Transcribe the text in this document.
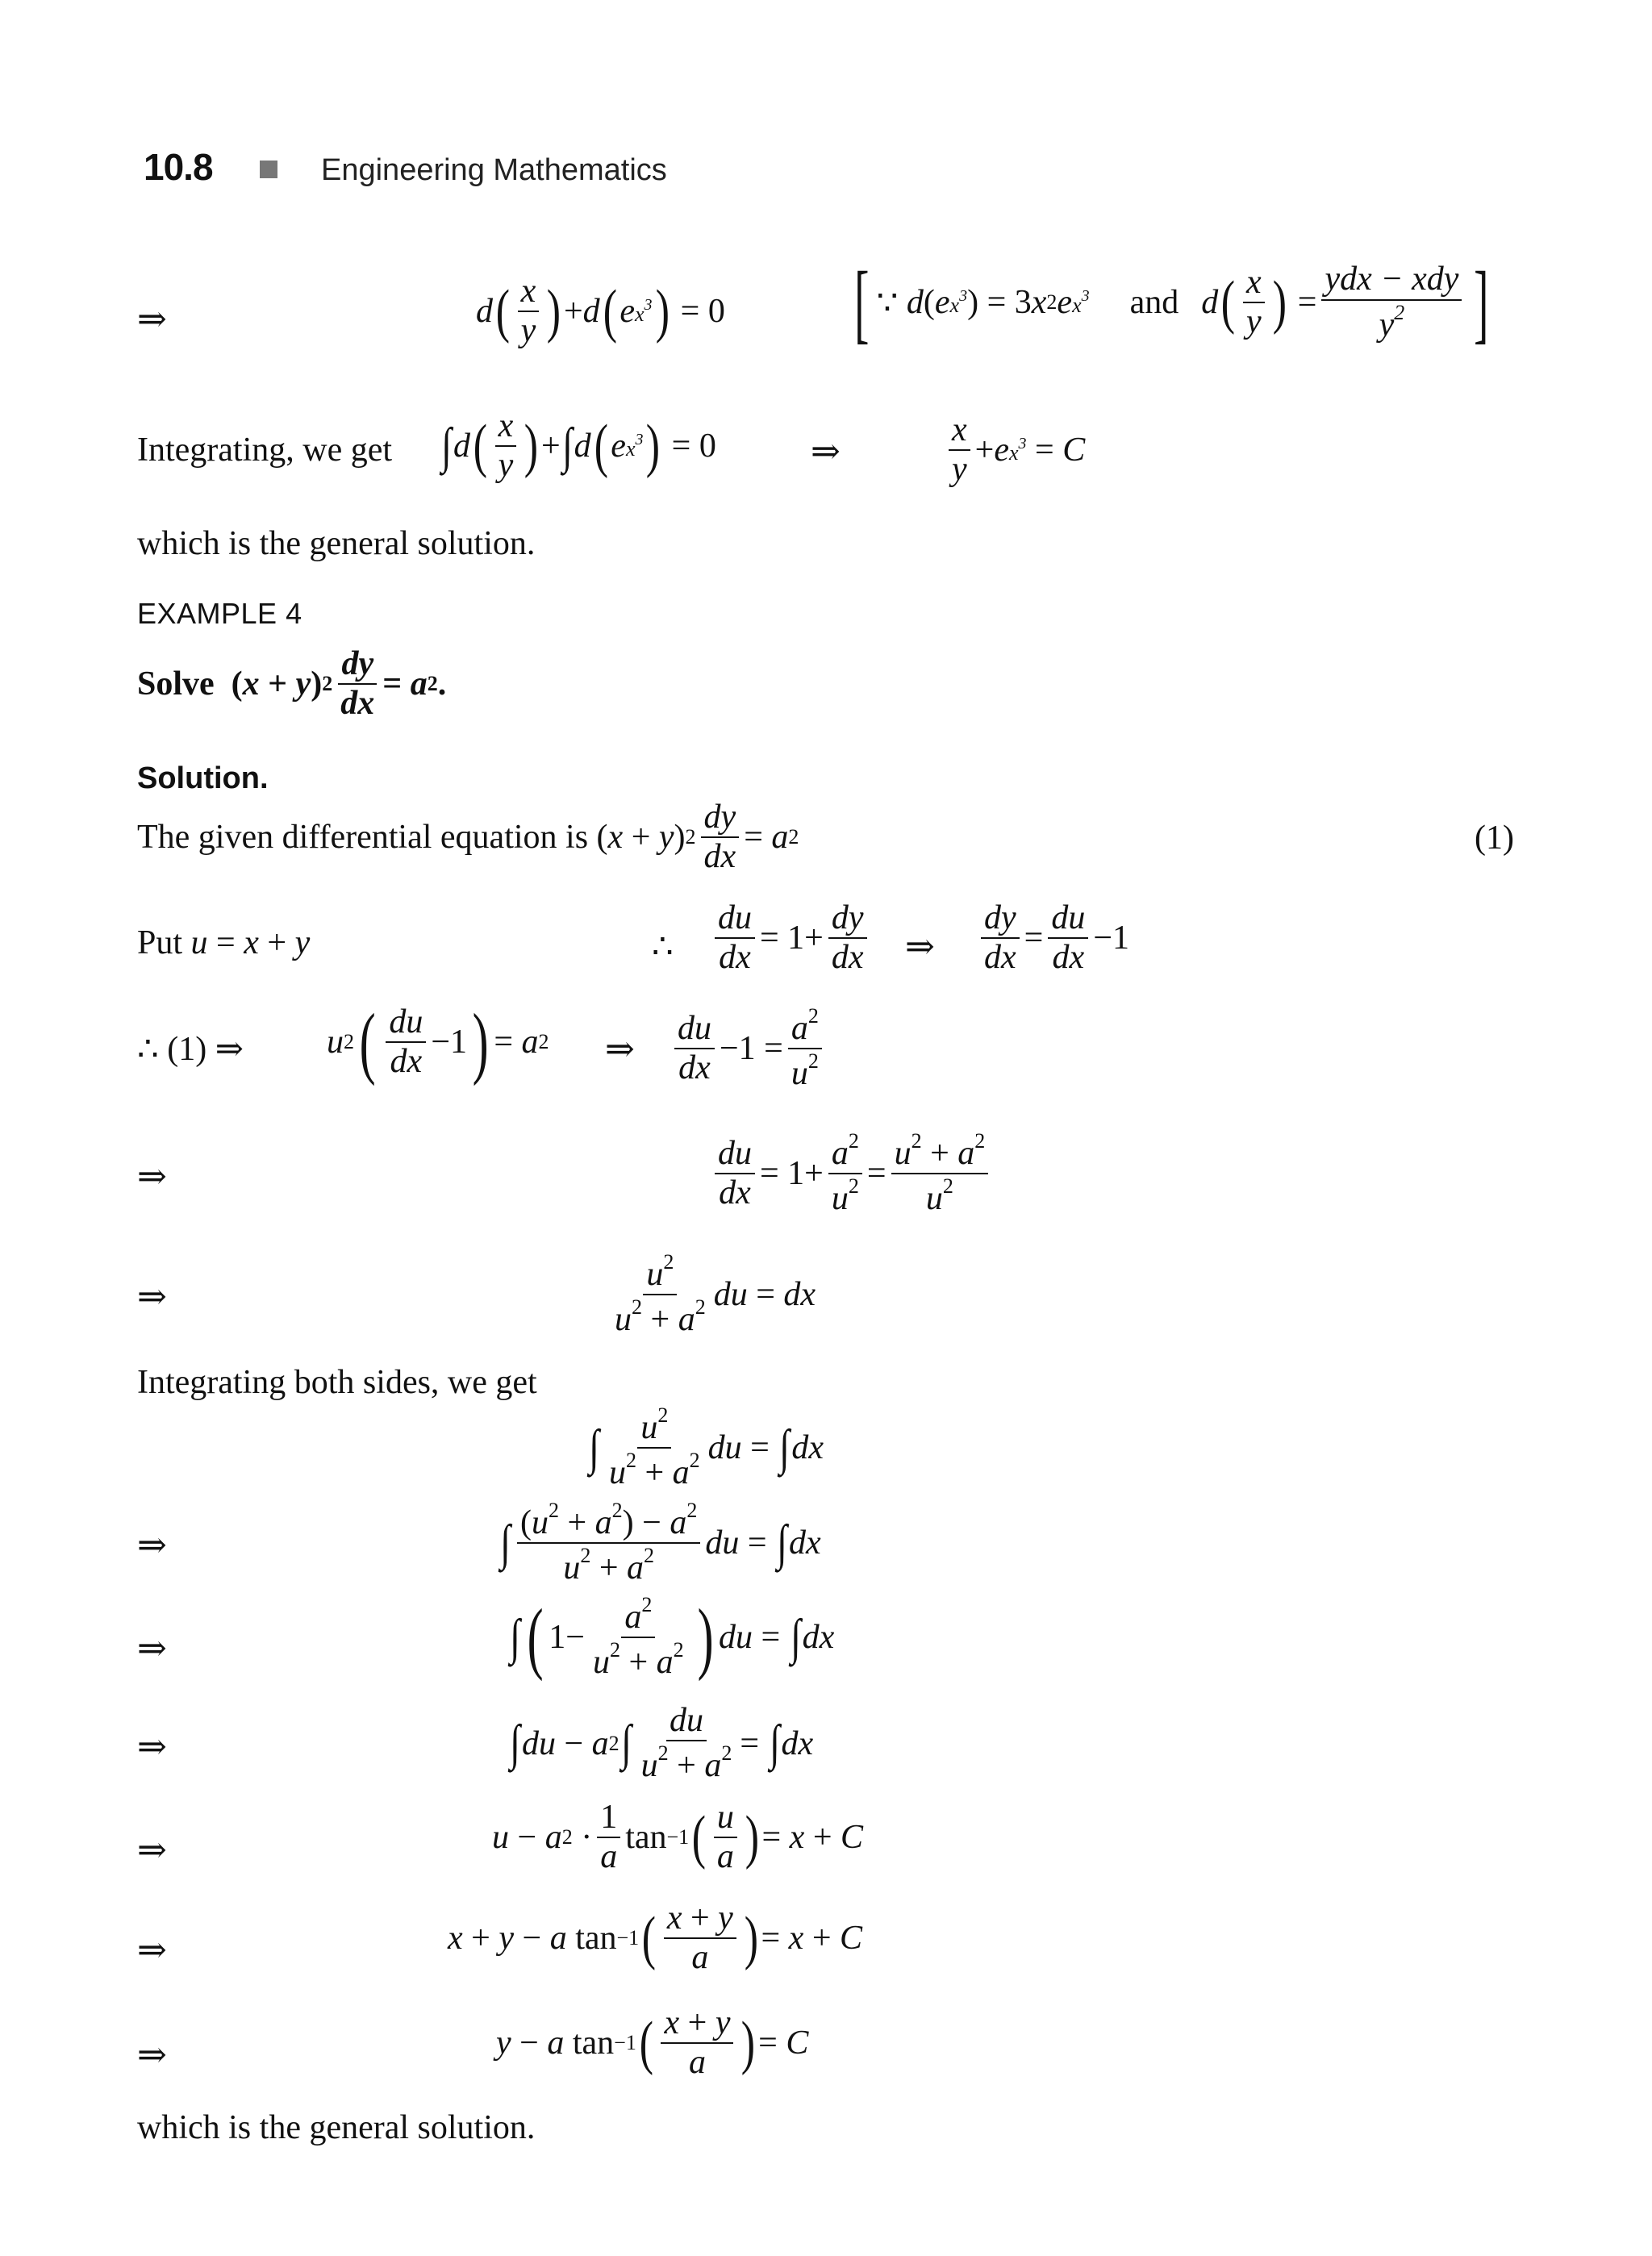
10.8	Engineering Mathematics
⇒	d ( $\frac{x}{y}$ ) + d ( e $x^3$ ) = 0 [ ∵ d ( e $x^3$ ) = 3 x 2 e $x^3$ and d ( $\frac{x}{y}$ ) = $\frac{\text{ydx − xdy}}{y^2}$ ]
Integrating, we get ∫ d ( $\frac{x}{y}$ ) + ∫ d ( e $x^3$ ) = 0	⇒	$\frac{x}{y} + e$ $x^3 = C$
which is the general solution.
EXAMPLE 4
Solve ( x + y ) $2 \frac{dy}{dx} = a$ 2 .
Solution.
The given differential equation is ( x + y ) $2 \frac{dy}{dx} = a$ 2	(1)
Put u = x + y	∴ $\frac{du}{dx} = 1+ \frac{dy}{dx}$ ⇒ $\frac{dy}{dx} = \frac{du}{dx} -1$
∴ (1) ⇒ u 2 ( $\frac{du}{dx} -1$ ) = a 2 ⇒ $\frac{du}{dx} -1 = \frac{a^2}{u^2}$
⇒	$\frac{du}{dx} = 1+ \frac{a^2}{u^2} = \frac{u^2 + a^2}{u^2}$
⇒	$\frac{u^2}{u^2 + a^2}$ du = dx
Integrating both sides, we get
∫ $\frac{u^2}{u^2 + a^2}$ du = ∫ dx
⇒	∫ $\frac{(u^2 + a^2) - a^2}{u^2 + a^2}$ du = ∫ dx
⇒	∫ ( $1- \frac{a^2}{u^2 + a^2}$ ) du = ∫ dx
⇒	∫ du − a 2 ∫ $\frac{du}{u^2 + a^2}$ = ∫ dx
⇒	u − a $2 \cdot \frac{1}{a}$ tan −1 ( $\frac{u}{a}$ ) = x + C
⇒	x + y − a tan −1 ( $\frac{x + y}{a}$ ) = x + C
⇒	y − a tan −1 ( $\frac{x + y}{a}$ ) = C
which is the general solution.
